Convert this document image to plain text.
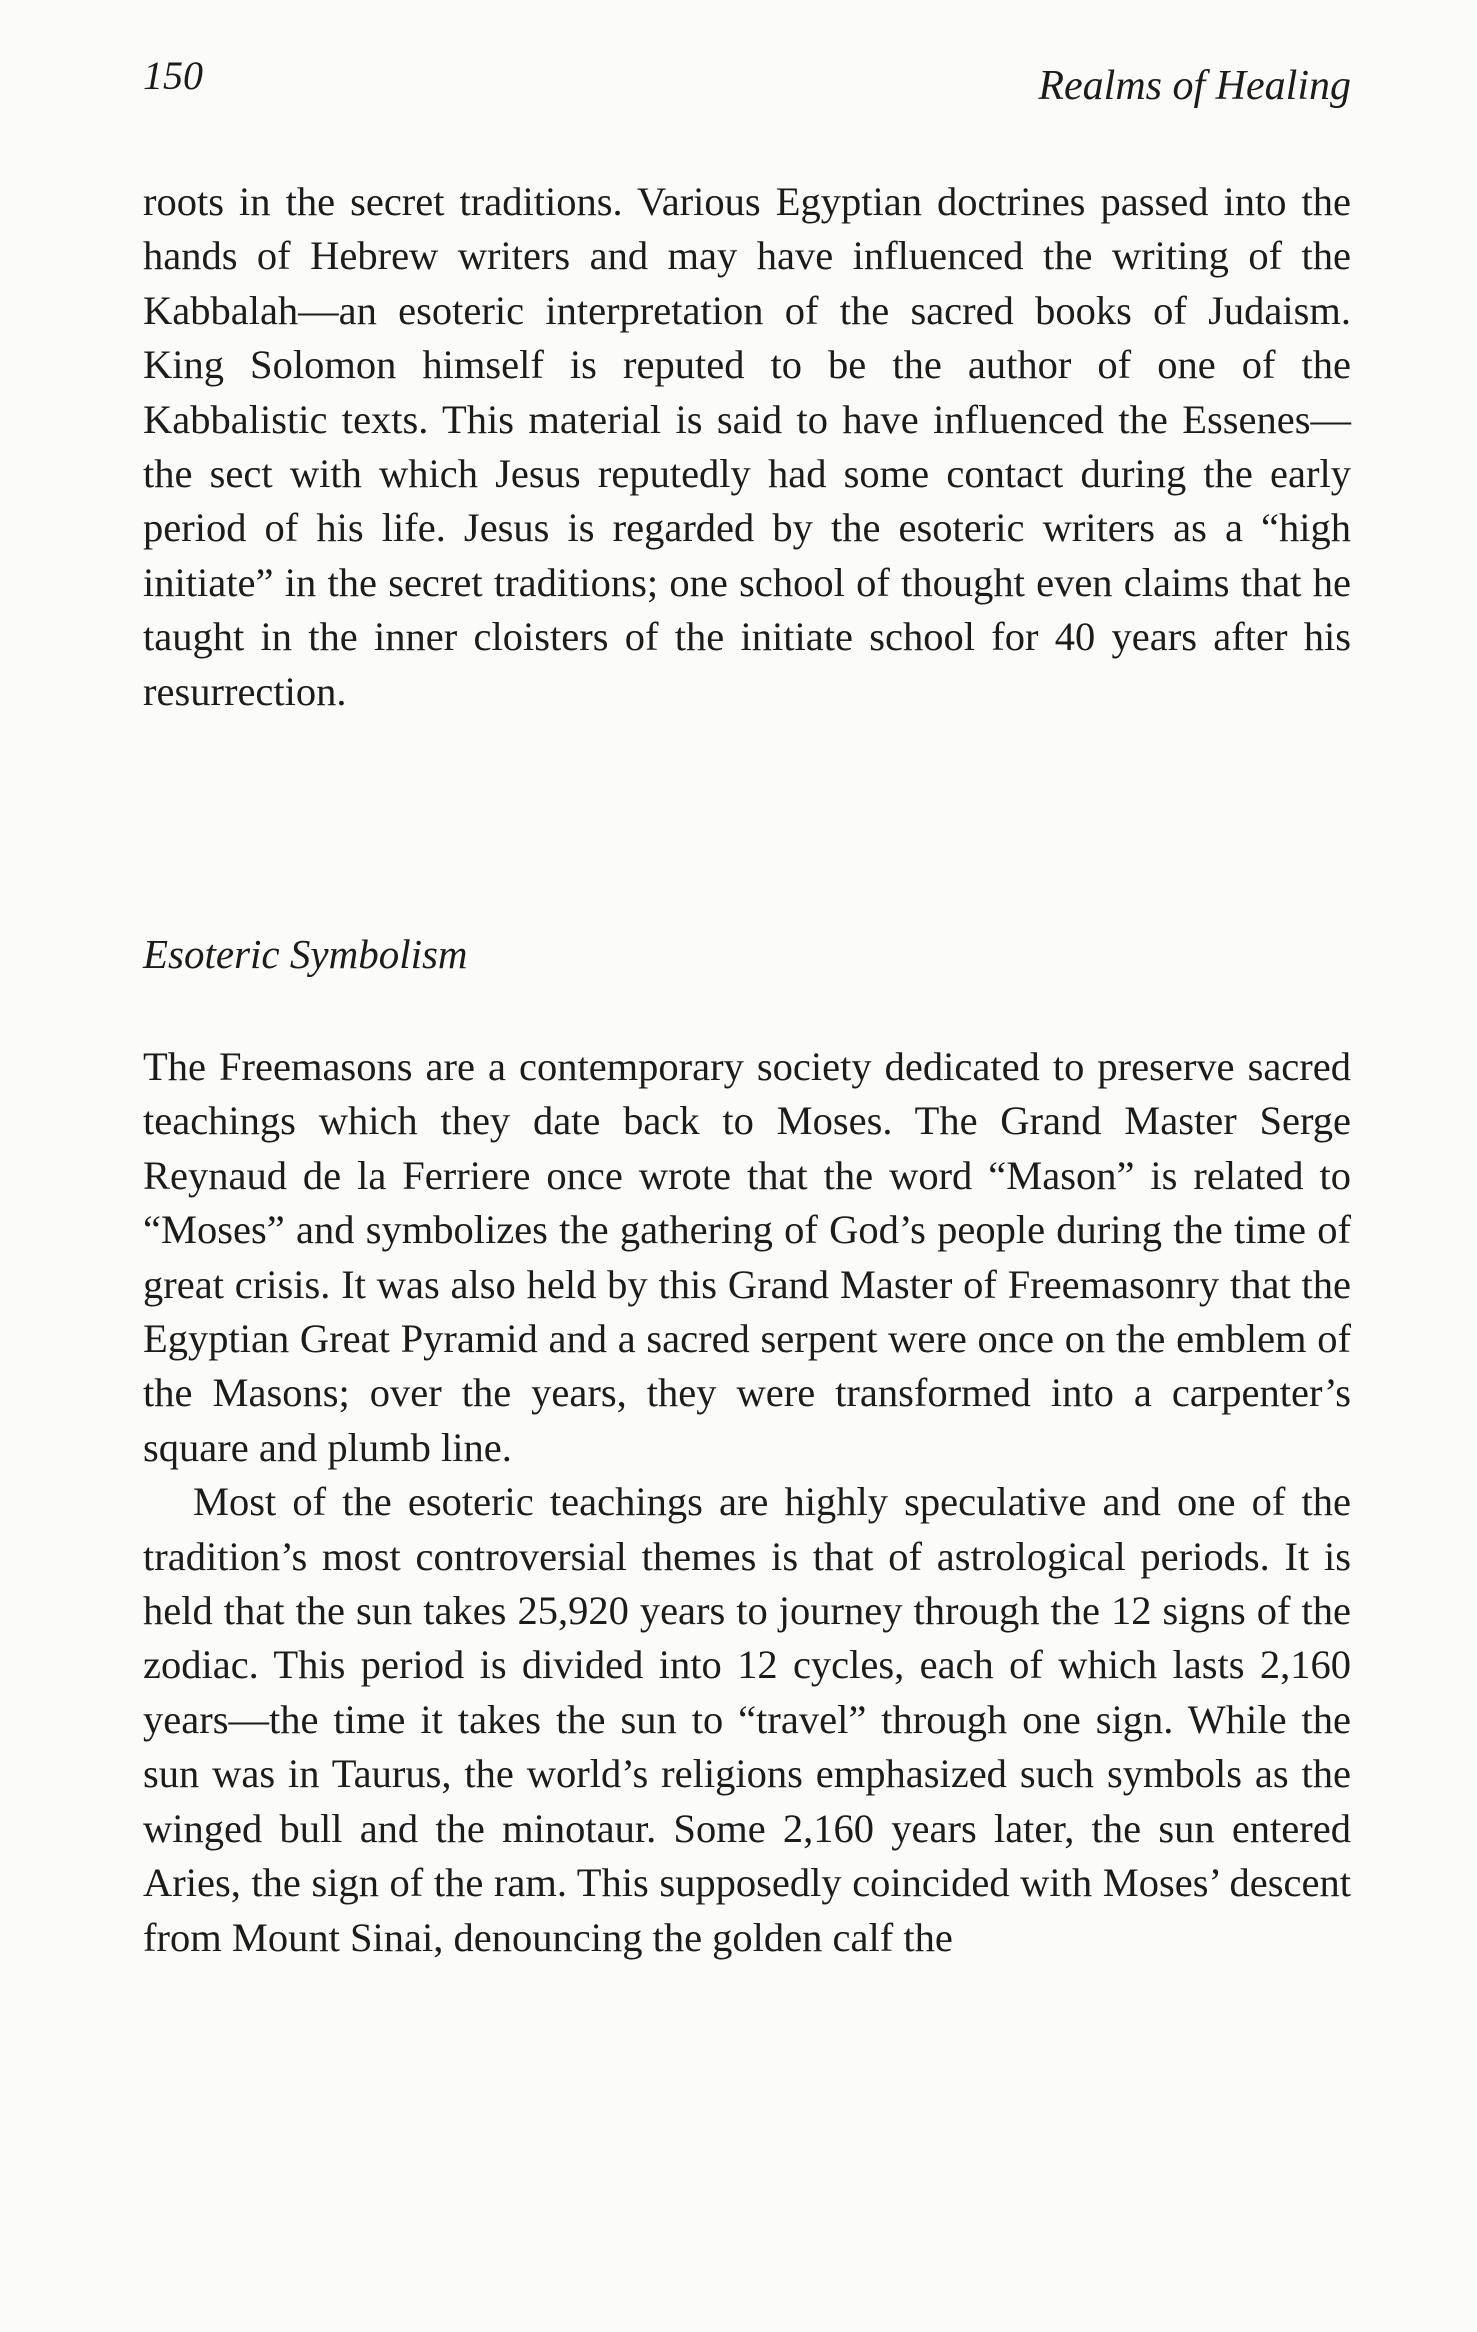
150	Realms of Healing

roots in the secret traditions. Various Egyptian doctrines passed into the hands of Hebrew writers and may have influenced the writing of the Kabbalah—an esoteric interpretation of the sacred books of Judaism. King Solomon himself is reputed to be the author of one of the Kabbalistic texts. This material is said to have influenced the Essenes—the sect with which Jesus reputedly had some contact during the early period of his life. Jesus is regarded by the esoteric writers as a “high initiate” in the secret traditions; one school of thought even claims that he taught in the inner cloisters of the initiate school for 40 years after his resurrection.

Esoteric Symbolism

The Freemasons are a contemporary society dedicated to preserve sacred teachings which they date back to Moses. The Grand Master Serge Reynaud de la Ferriere once wrote that the word “Mason” is related to “Moses” and symbolizes the gathering of God’s people during the time of great crisis. It was also held by this Grand Master of Freemasonry that the Egyptian Great Pyramid and a sacred serpent were once on the emblem of the Masons; over the years, they were transformed into a carpenter’s square and plumb line.

Most of the esoteric teachings are highly speculative and one of the tradition’s most controversial themes is that of astrological periods. It is held that the sun takes 25,920 years to journey through the 12 signs of the zodiac. This period is divided into 12 cycles, each of which lasts 2,160 years—the time it takes the sun to “travel” through one sign. While the sun was in Taurus, the world’s religions emphasized such symbols as the winged bull and the minotaur. Some 2,160 years later, the sun entered Aries, the sign of the ram. This supposedly coincided with Moses’ descent from Mount Sinai, denouncing the golden calf the
